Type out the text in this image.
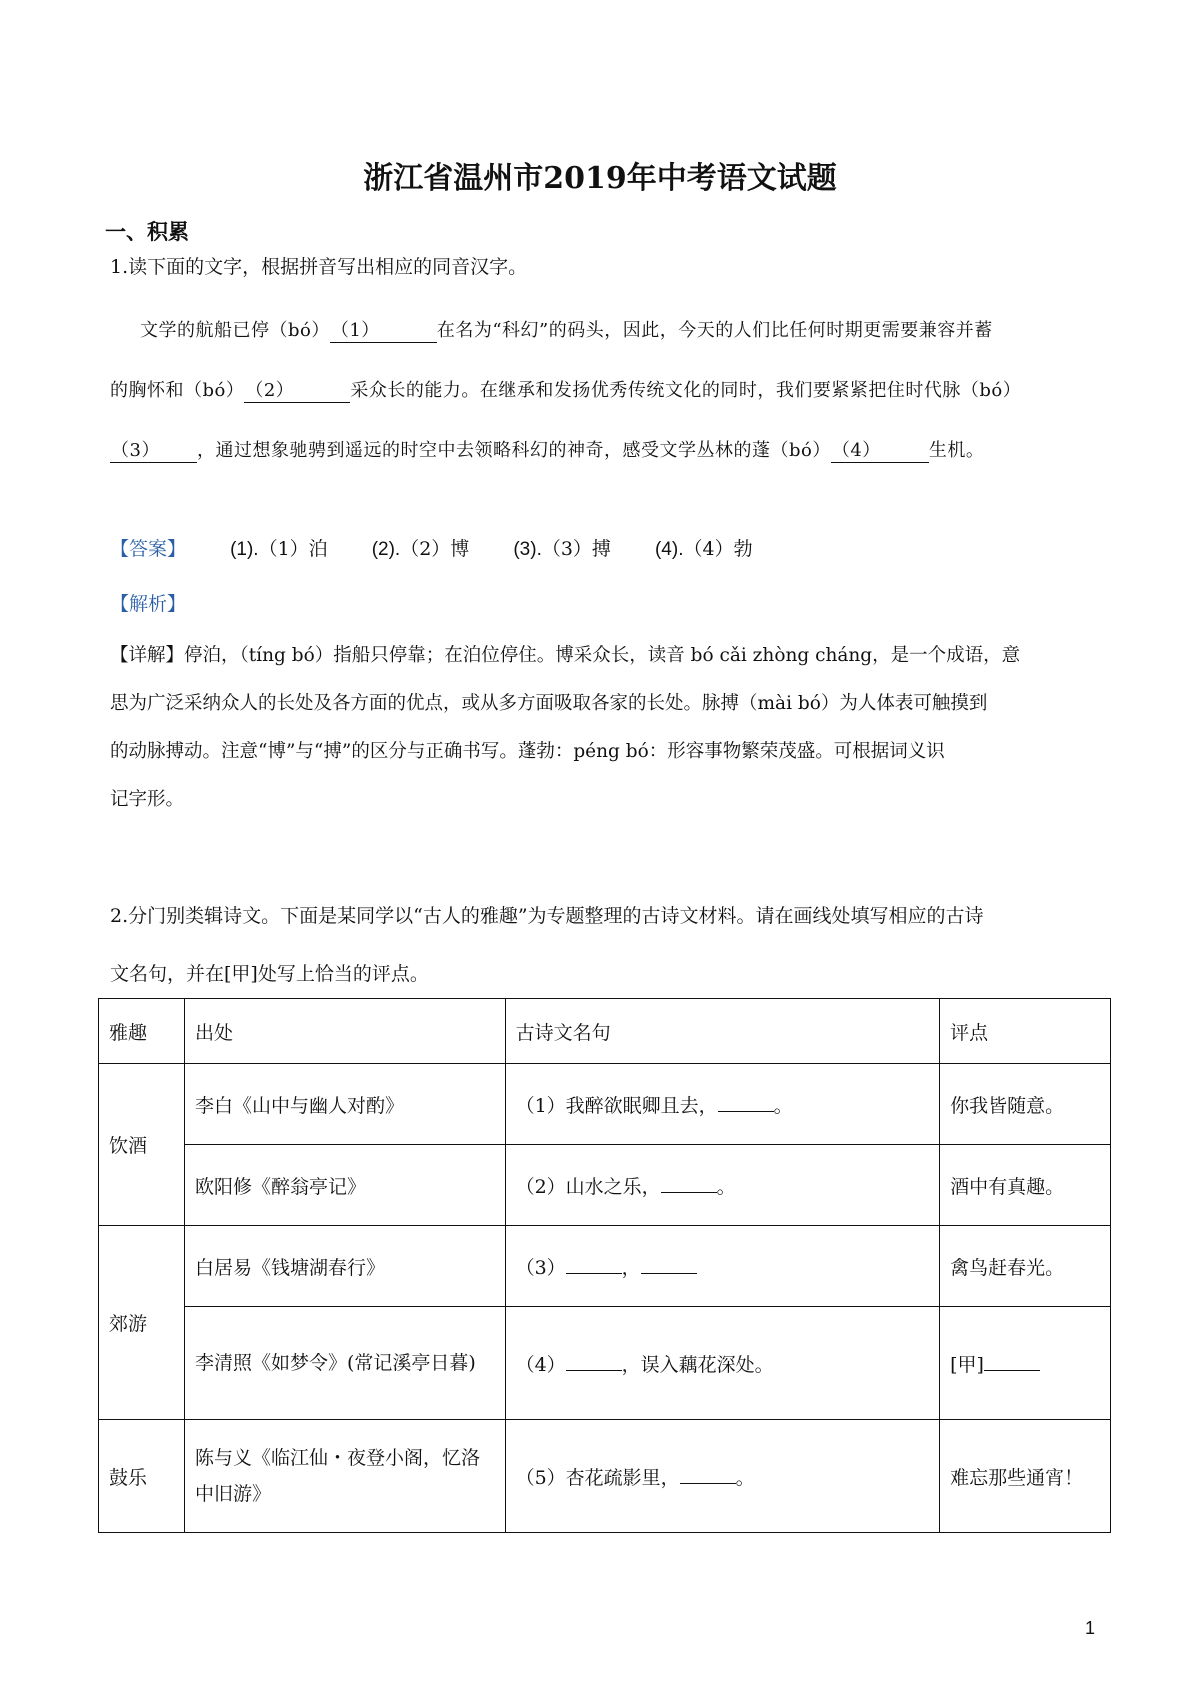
浙江省温州市2019年中考语文试题
一、积累
1.读下面的文字，根据拼音写出相应的同音汉字。
文学的航船已停（bó）（1）	在名为“科幻”的码头，因此，今天的人们比任何时期更需要兼容并蓄
的胸怀和（bó）（2）	采众长的能力。在继承和发扬优秀传统文化的同时，我们要紧紧把住时代脉（bó）
（3） ，通过想象驰骋到遥远的时空中去领略科幻的神奇，感受文学丛林的蓬（bó）（4）	生机。
【答案】 (1).（1）泊 (2).（2）博 (3).（3）搏 (4).（4）勃
【解析】
【详解】停泊，（tíng bó）指船只停靠；在泊位停住。博采众长，读音 bó cǎi zhòng cháng，是一个成语，意
思为广泛采纳众人的长处及各方面的优点，或从多方面吸取各家的长处。脉搏（mài bó）为人体表可触摸到
的动脉搏动。注意“博”与“搏”的区分与正确书写。蓬勃：péng bó：形容事物繁荣茂盛。可根据词义识
记字形。
2.分门别类辑诗文。下面是某同学以“古人的雅趣”为专题整理的古诗文材料。请在画线处填写相应的古诗
文名句，并在[甲]处写上恰当的评点。
雅趣	出处	古诗文名句	评点
饮酒	李白《山中与幽人对酌》	（1）我醉欲眠卿且去， 。	你我皆随意。
	欧阳修《醉翁亭记》	（2）山水之乐， 。	酒中有真趣。
郊游	白居易《钱塘湖春行》	（3） ，	禽鸟赶春光。
	李清照《如梦令》(常记溪亭日暮)	（4） ，误入藕花深处。	[甲]
鼓乐	陈与义《临江仙・夜登小阁，忆洛中旧游》	（5）杏花疏影里， 。	难忘那些通宵！
1
